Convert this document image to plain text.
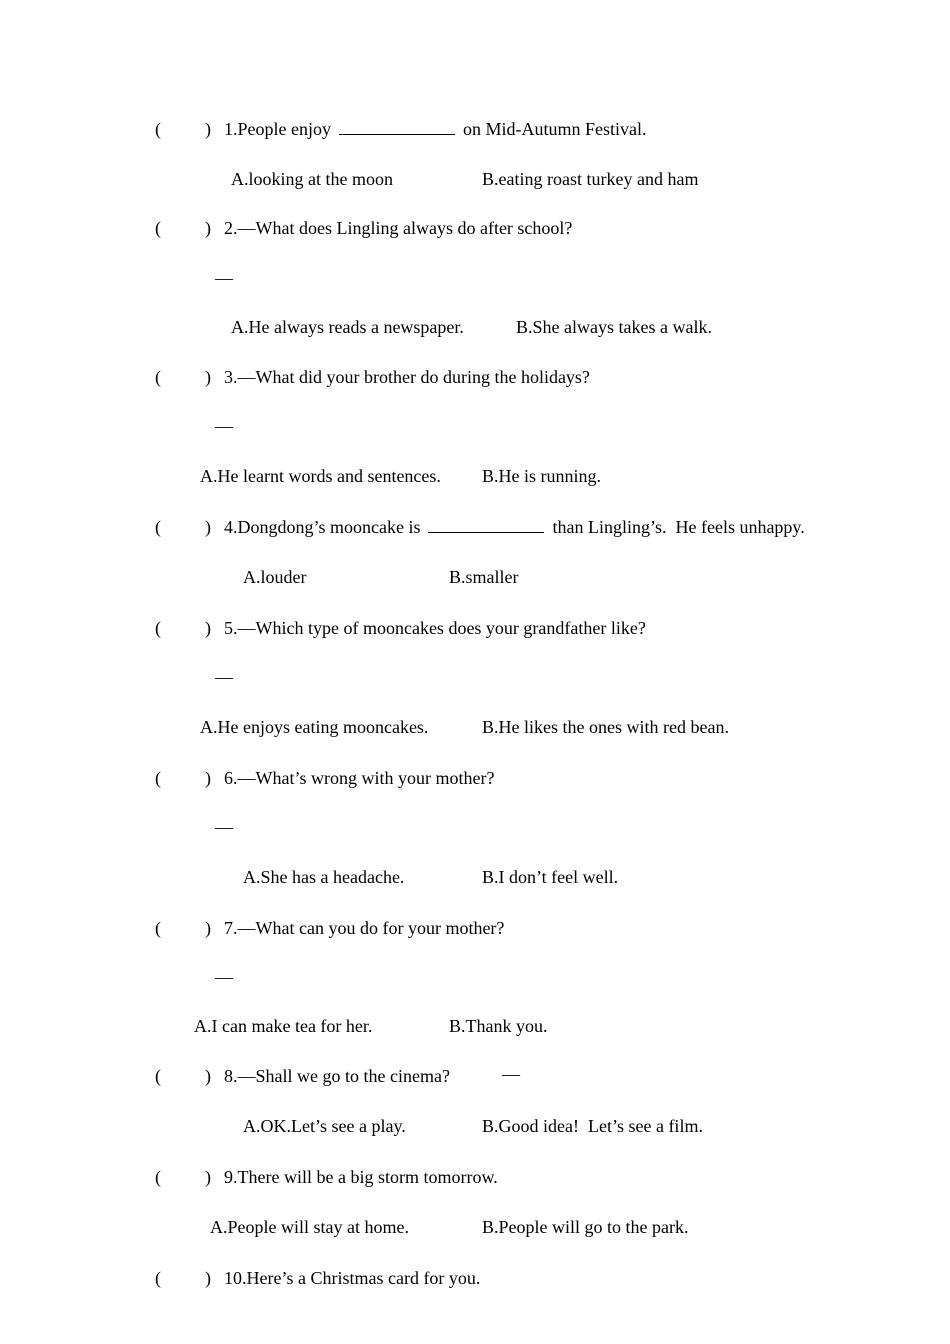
( ) 1.People enjoy	on Mid-Autumn Festival.
A.looking at the moon	B.eating roast turkey and ham
( ) 2.—What does Lingling always do after school?
—
A.He always reads a newspaper.	B.She always takes a walk.
( ) 3.—What did your brother do during the holidays?
—
A.He learnt words and sentences. B.He is running.
( ) 4.Dongdong’s mooncake is	than Lingling’s.  He feels unhappy.
A.louder	B.smaller
( ) 5.—Which type of mooncakes does your grandfather like?
—
A.He enjoys eating mooncakes.	B.He likes the ones with red bean.
( ) 6.—What’s wrong with your mother?
—
A.She has a headache.	B.I don’t feel well.
( ) 7.—What can you do for your mother?
—
A.I can make tea for her.	B.Thank you.
( ) 8.—Shall we go to the cinema?	—
A.OK.Let’s see a play.	B.Good idea!  Let’s see a film.
( ) 9.There will be a big storm tomorrow.
A.People will stay at home.	B.People will go to the park.
( ) 10.Here’s a Christmas card for you.
